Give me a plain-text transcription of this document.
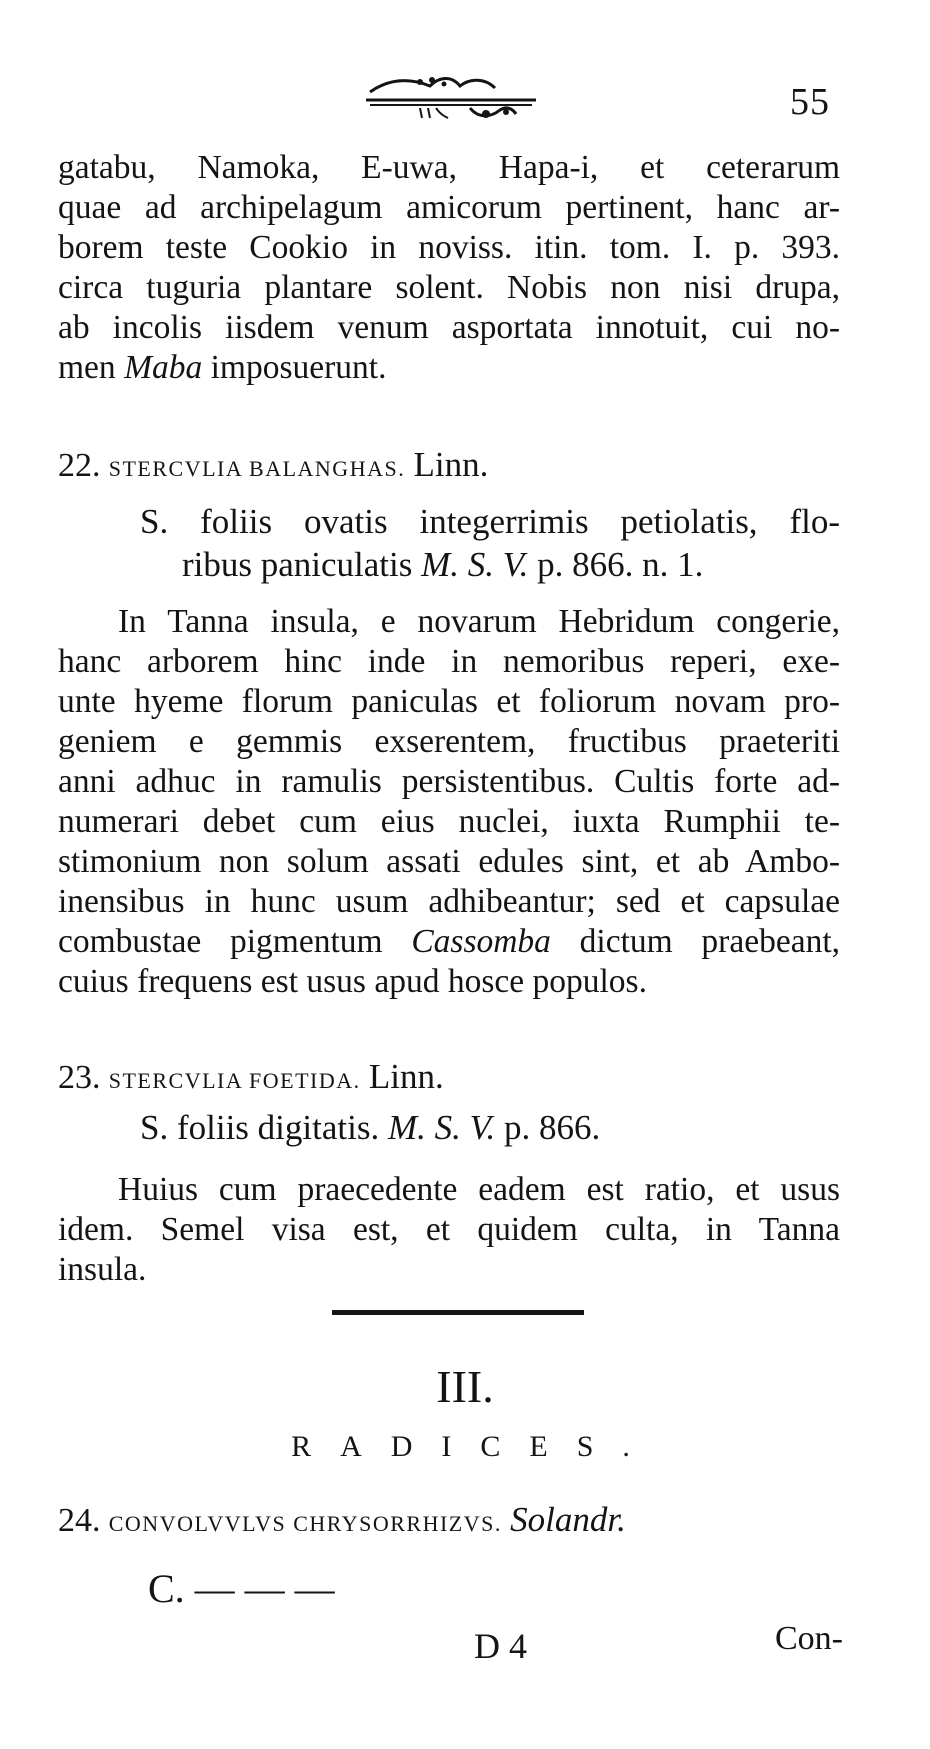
55
gatabu, Namoka, E-uwa, Hapa-i, et ceterarum
quae ad archipelagum amicorum pertinent, hanc ar-
borem teste Cookio in noviss. itin. tom. I. p. 393.
circa tuguria plantare solent. Nobis non nisi drupa,
ab incolis iisdem venum asportata innotuit, cui no-
men Maba imposuerunt.
22. STERCVLIA BALANGHAS. Linn.
S. foliis ovatis integerrimis petiolatis, flo-
ribus paniculatis M. S. V. p. 866. n. 1.
In Tanna insula, e novarum Hebridum congerie,
hanc arborem hinc inde in nemoribus reperi, exe-
unte hyeme florum paniculas et foliorum novam pro-
geniem e gemmis exserentem, fructibus praeteriti
anni adhuc in ramulis persistentibus. Cultis forte ad-
numerari debet cum eius nuclei, iuxta Rumphii te-
stimonium non solum assati edules sint, et ab Ambo-
inensibus in hunc usum adhibeantur; sed et capsulae
combustae pigmentum Cassomba dictum praebeant,
cuius frequens est usus apud hosce populos.
23. STERCVLIA FOETIDA. Linn.
S. foliis digitatis. M. S. V. p. 866.
Huius cum praecedente eadem est ratio, et usus
idem. Semel visa est, et quidem culta, in Tanna
insula.
III.
RADICES.
24. CONVOLVVLVS CHRYSORRHIZVS. Solandr.
C. — — —
D 4	Con-
